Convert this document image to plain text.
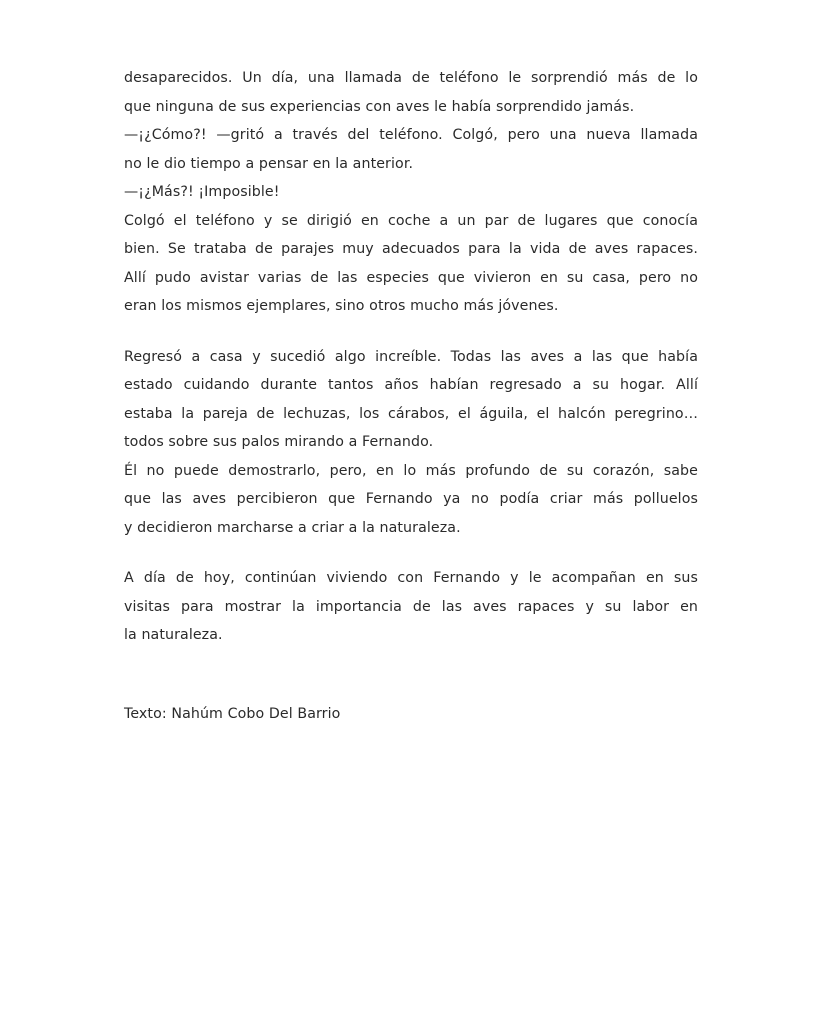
desaparecidos. Un día, una llamada de teléfono le sorprendió más de lo
que ninguna de sus experiencias con aves le había sorprendido jamás.
—¡¿Cómo?! —gritó a través del teléfono. Colgó, pero una nueva llamada
no le dio tiempo a pensar en la anterior.
—¡¿Más?! ¡Imposible!
Colgó el teléfono y se dirigió en coche a un par de lugares que conocía
bien. Se trataba de parajes muy adecuados para la vida de aves rapaces.
Allí pudo avistar varias de las especies que vivieron en su casa, pero no
eran los mismos ejemplares, sino otros mucho más jóvenes.
Regresó a casa y sucedió algo increíble. Todas las aves a las que había
estado cuidando durante tantos años habían regresado a su hogar. Allí
estaba la pareja de lechuzas, los cárabos, el águila, el halcón peregrino…
todos sobre sus palos mirando a Fernando.
Él no puede demostrarlo, pero, en lo más profundo de su corazón, sabe
que las aves percibieron que Fernando ya no podía criar más polluelos
y decidieron marcharse a criar a la naturaleza.
A día de hoy, continúan viviendo con Fernando y le acompañan en sus
visitas para mostrar la importancia de las aves rapaces y su labor en
la naturaleza.
Texto: Nahúm Cobo Del Barrio
